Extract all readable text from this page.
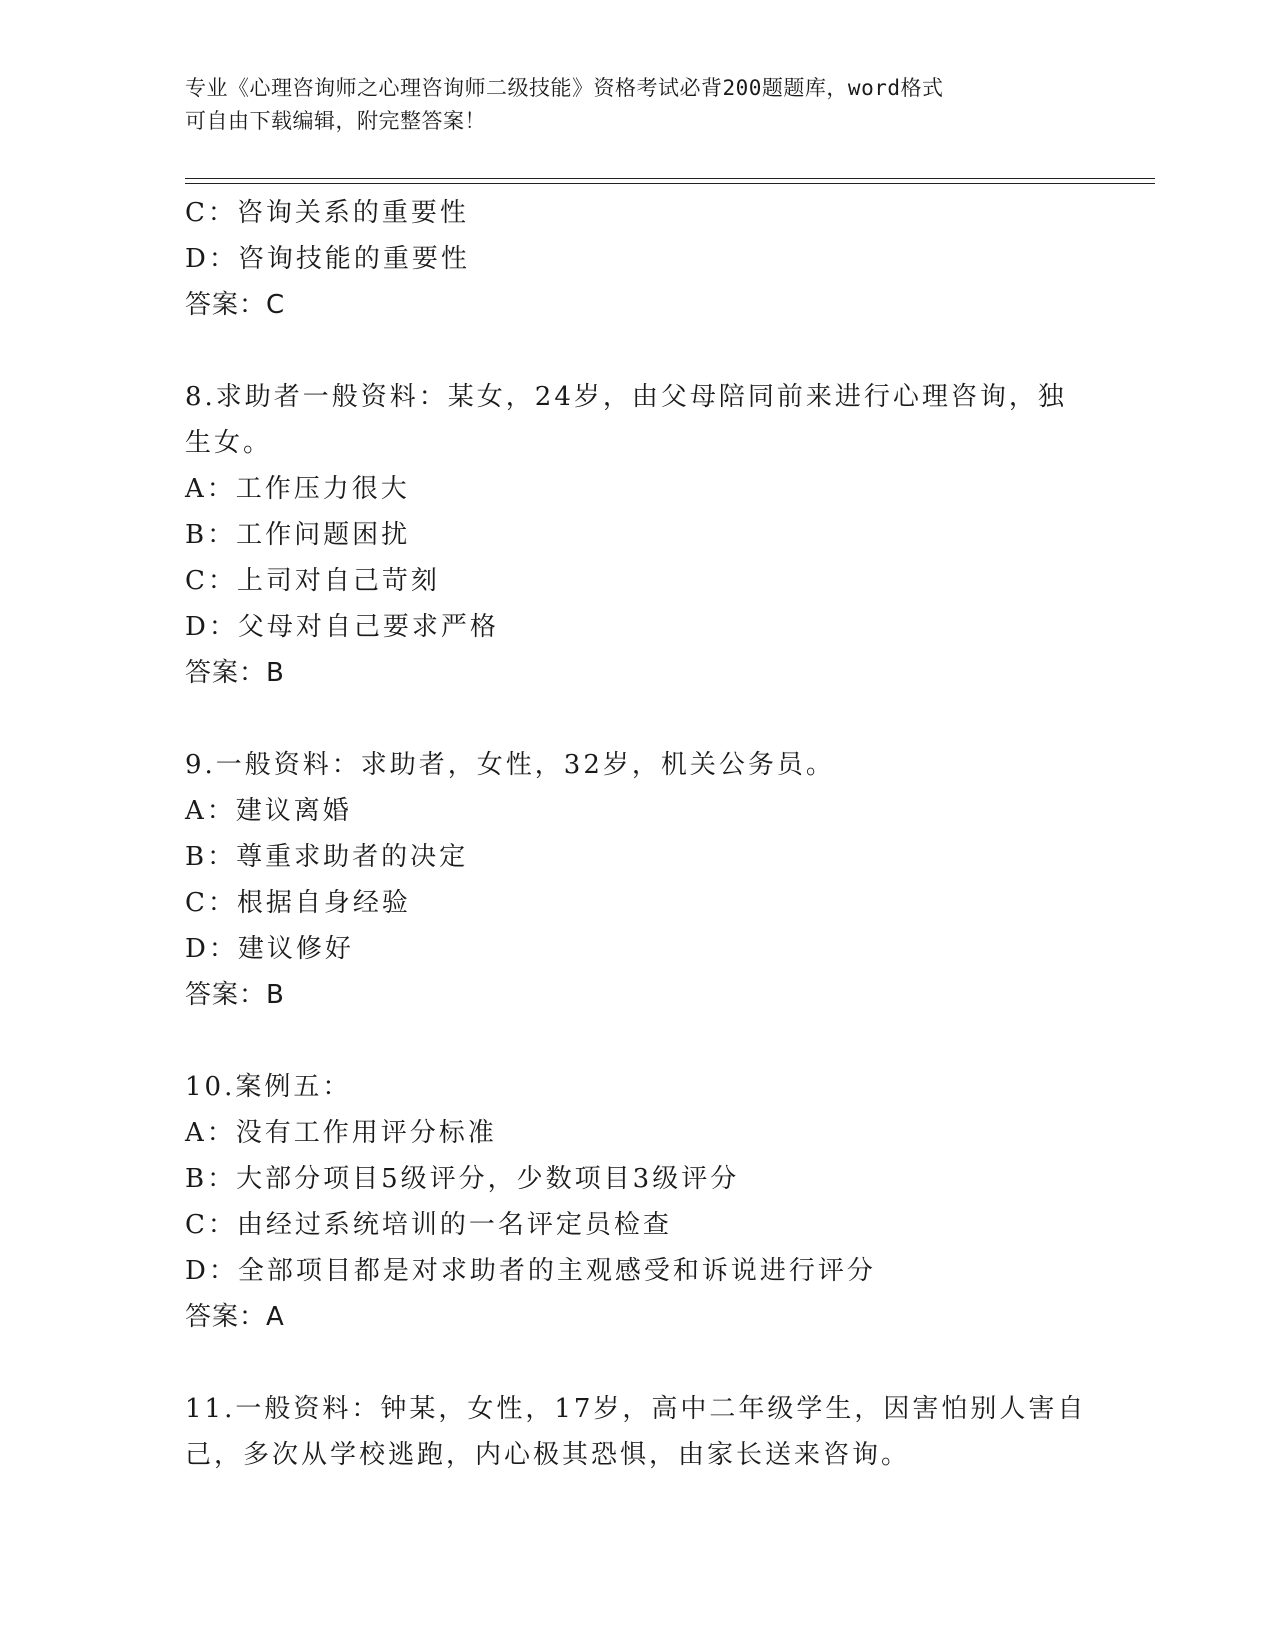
专业《心理咨询师之心理咨询师二级技能》资格考试必背200题题库，word格式
可自由下载编辑，附完整答案！
C：咨询关系的重要性
D：咨询技能的重要性
答案：C
8.求助者一般资料：某女，24岁，由父母陪同前来进行心理咨询，独
生女。
A：工作压力很大
B：工作问题困扰
C：上司对自己苛刻
D：父母对自己要求严格
答案：B
9.一般资料：求助者，女性，32岁，机关公务员。
A：建议离婚
B：尊重求助者的决定
C：根据自身经验
D：建议修好
答案：B
10.案例五：
A：没有工作用评分标准
B：大部分项目5级评分，少数项目3级评分
C：由经过系统培训的一名评定员检查
D：全部项目都是对求助者的主观感受和诉说进行评分
答案：A
11.一般资料：钟某，女性，17岁，高中二年级学生，因害怕别人害自
己，多次从学校逃跑，内心极其恐惧，由家长送来咨询。
